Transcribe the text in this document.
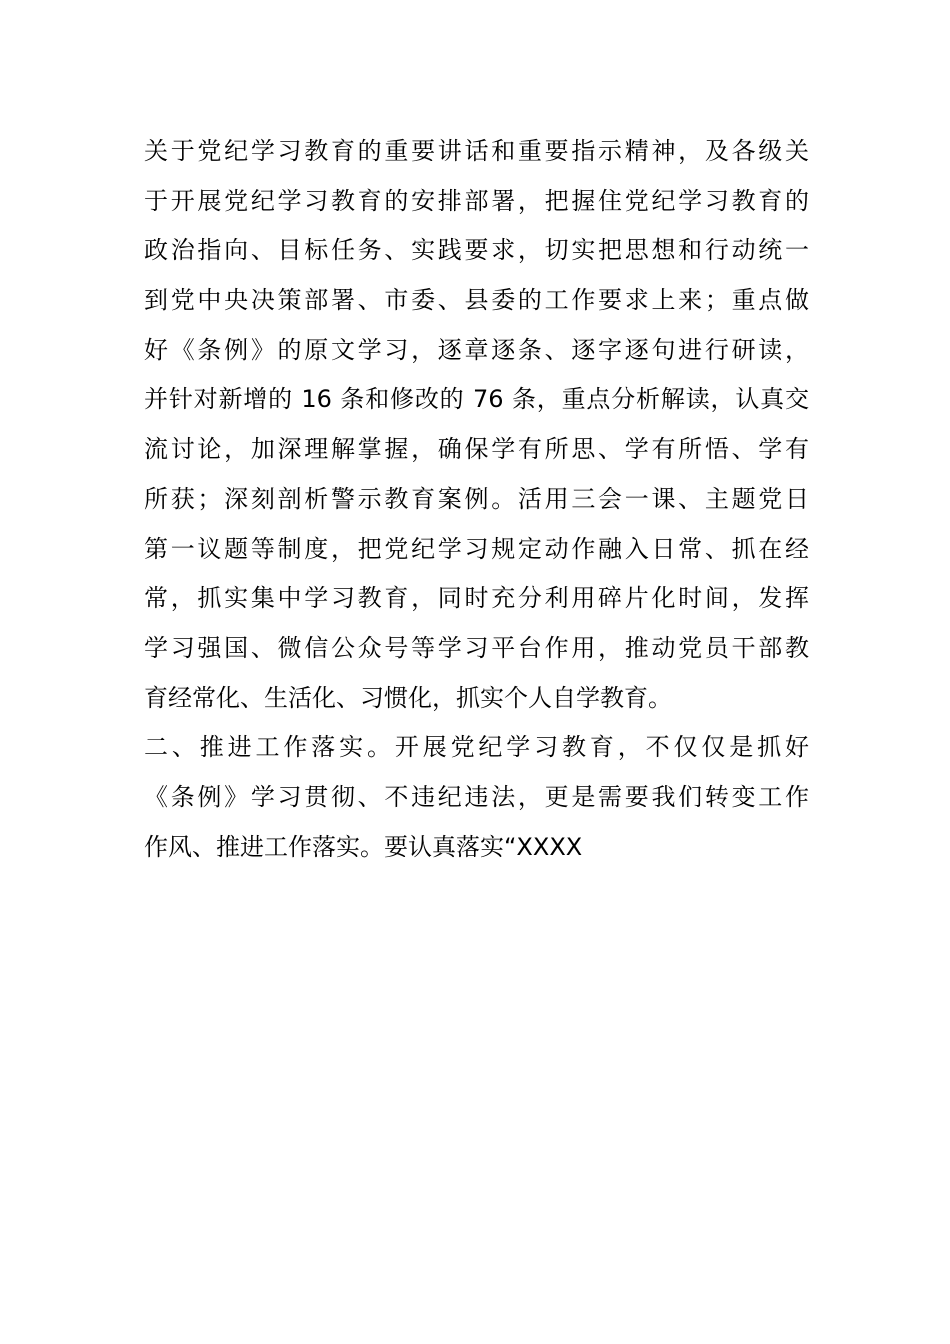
关于党纪学习教育的重要讲话和重要指示精神，及各级关
于开展党纪学习教育的安排部署，把握住党纪学习教育的
政治指向、目标任务、实践要求，切实把思想和行动统一
到党中央决策部署、市委、县委的工作要求上来；重点做
好《条例》的原文学习，逐章逐条、逐字逐句进行研读，
并针对新增的 16 条和修改的 76 条，重点分析解读，认真交
流讨论，加深理解掌握，确保学有所思、学有所悟、学有
所获；深刻剖析警示教育案例。活用三会一课、主题党日
第一议题等制度，把党纪学习规定动作融入日常、抓在经
常，抓实集中学习教育，同时充分利用碎片化时间，发挥
学习强国、微信公众号等学习平台作用，推动党员干部教
育经常化、生活化、习惯化，抓实个人自学教育。
二、推进工作落实。开展党纪学习教育，不仅仅是抓好
《条例》学习贯彻、不违纪违法，更是需要我们转变工作
作风、推进工作落实。要认真落实“XXXX
